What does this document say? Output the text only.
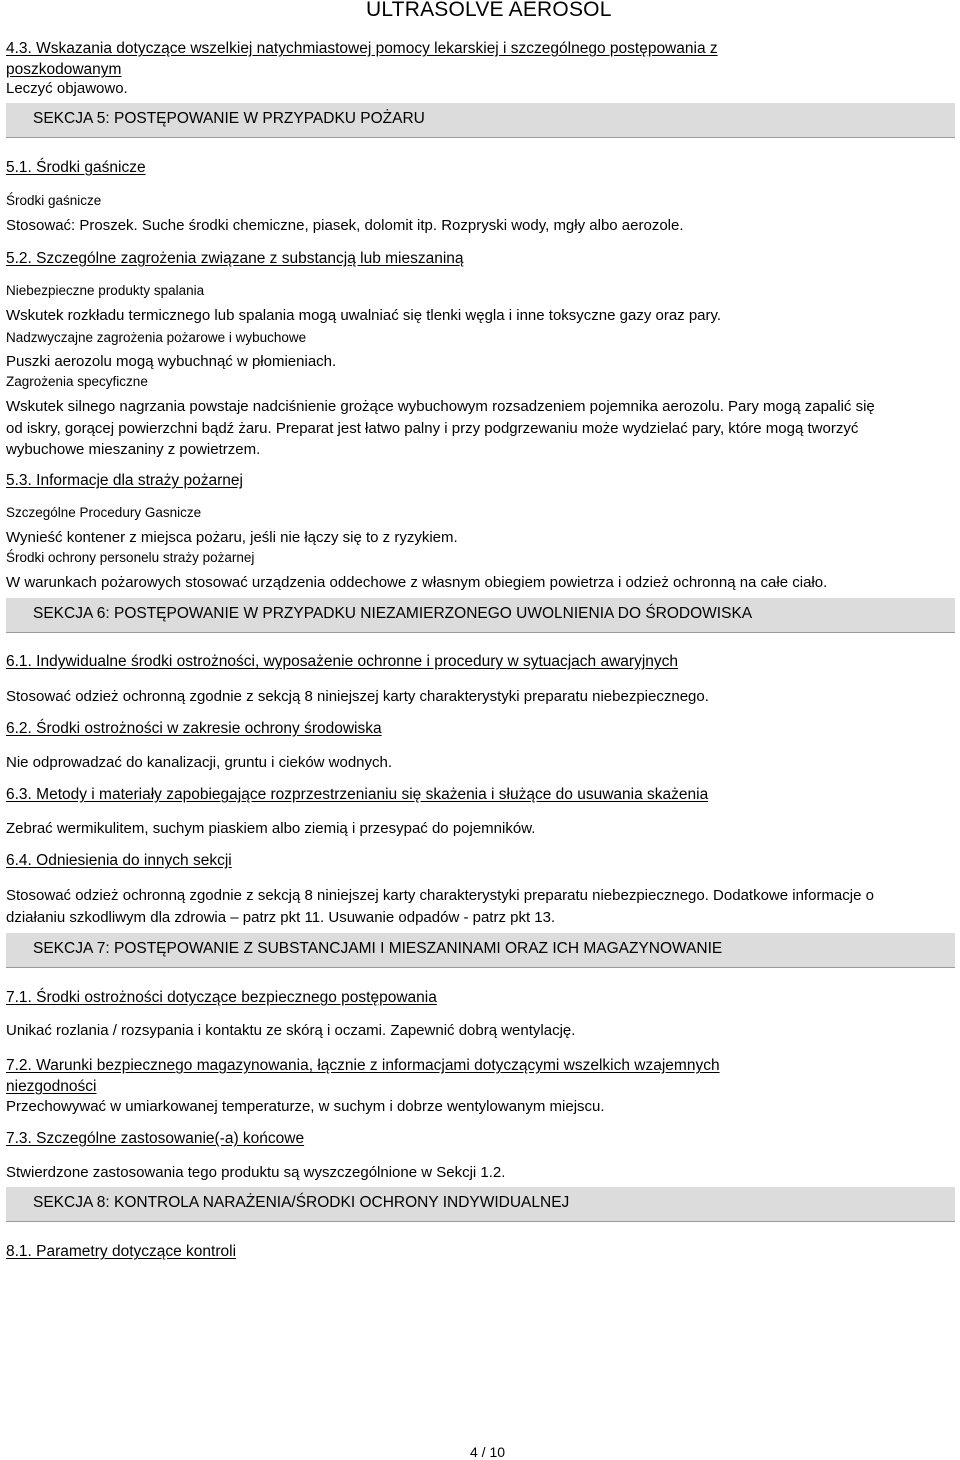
ULTRASOLVE AEROSOL
4.3. Wskazania dotyczące wszelkiej natychmiastowej pomocy lekarskiej i szczególnego postępowania z poszkodowanym
Leczyć objawowo.
SEKCJA 5: POSTĘPOWANIE W PRZYPADKU POŻARU
5.1. Środki gaśnicze
Środki gaśnicze
Stosować: Proszek. Suche środki chemiczne, piasek, dolomit itp. Rozpryski wody, mgły albo aerozole.
5.2. Szczególne zagrożenia związane z substancją lub mieszaniną
Niebezpieczne produkty spalania
Wskutek rozkładu termicznego lub spalania mogą uwalniać się tlenki węgla i inne toksyczne gazy oraz pary.
Nadzwyczajne zagrożenia pożarowe i wybuchowe
Puszki aerozolu mogą wybuchnąć w płomieniach.
Zagrożenia specyficzne
Wskutek silnego nagrzania powstaje nadciśnienie grożące wybuchowym rozsadzeniem pojemnika aerozolu. Pary mogą zapalić się od iskry, gorącej powierzchni bądź żaru. Preparat jest łatwo palny i przy podgrzewaniu może wydzielać pary, które mogą tworzyć wybuchowe mieszaniny z powietrzem.
5.3. Informacje dla straży pożarnej
Szczególne Procedury Gasnicze
Wynieść kontener z miejsca pożaru, jeśli nie łączy się to z ryzykiem.
Środki ochrony personelu straży pożarnej
W warunkach pożarowych stosować urządzenia oddechowe z własnym obiegiem powietrza i odzież ochronną na całe ciało.
SEKCJA 6: POSTĘPOWANIE W PRZYPADKU NIEZAMIERZONEGO UWOLNIENIA DO ŚRODOWISKA
6.1. Indywidualne środki ostrożności, wyposażenie ochronne i procedury w sytuacjach awaryjnych
Stosować odzież ochronną zgodnie z sekcją 8 niniejszej karty charakterystyki preparatu niebezpiecznego.
6.2. Środki ostrożności w zakresie ochrony środowiska
Nie odprowadzać do kanalizacji, gruntu i cieków wodnych.
6.3. Metody i materiały zapobiegające rozprzestrzenianiu się skażenia i służące do usuwania skażenia
Zebrać wermikulitem, suchym piaskiem albo ziemią i przesypać do pojemników.
6.4. Odniesienia do innych sekcji
Stosować odzież ochronną zgodnie z sekcją 8 niniejszej karty charakterystyki preparatu niebezpiecznego. Dodatkowe informacje o działaniu szkodliwym dla zdrowia – patrz pkt 11. Usuwanie odpadów - patrz pkt 13.
SEKCJA 7: POSTĘPOWANIE Z SUBSTANCJAMI I MIESZANINAMI ORAZ ICH MAGAZYNOWANIE
7.1. Środki ostrożności dotyczące bezpiecznego postępowania
Unikać rozlania / rozsypania i kontaktu ze skórą i oczami. Zapewnić dobrą wentylację.
7.2. Warunki bezpiecznego magazynowania, łącznie z informacjami dotyczącymi wszelkich wzajemnych niezgodności
Przechowywać w umiarkowanej temperaturze, w suchym i dobrze wentylowanym miejscu.
7.3. Szczególne zastosowanie(-a) końcowe
Stwierdzone zastosowania tego produktu są wyszczególnione w Sekcji 1.2.
SEKCJA 8: KONTROLA NARAŻENIA/ŚRODKI OCHRONY INDYWIDUALNEJ
8.1. Parametry dotyczące kontroli
4 / 10
